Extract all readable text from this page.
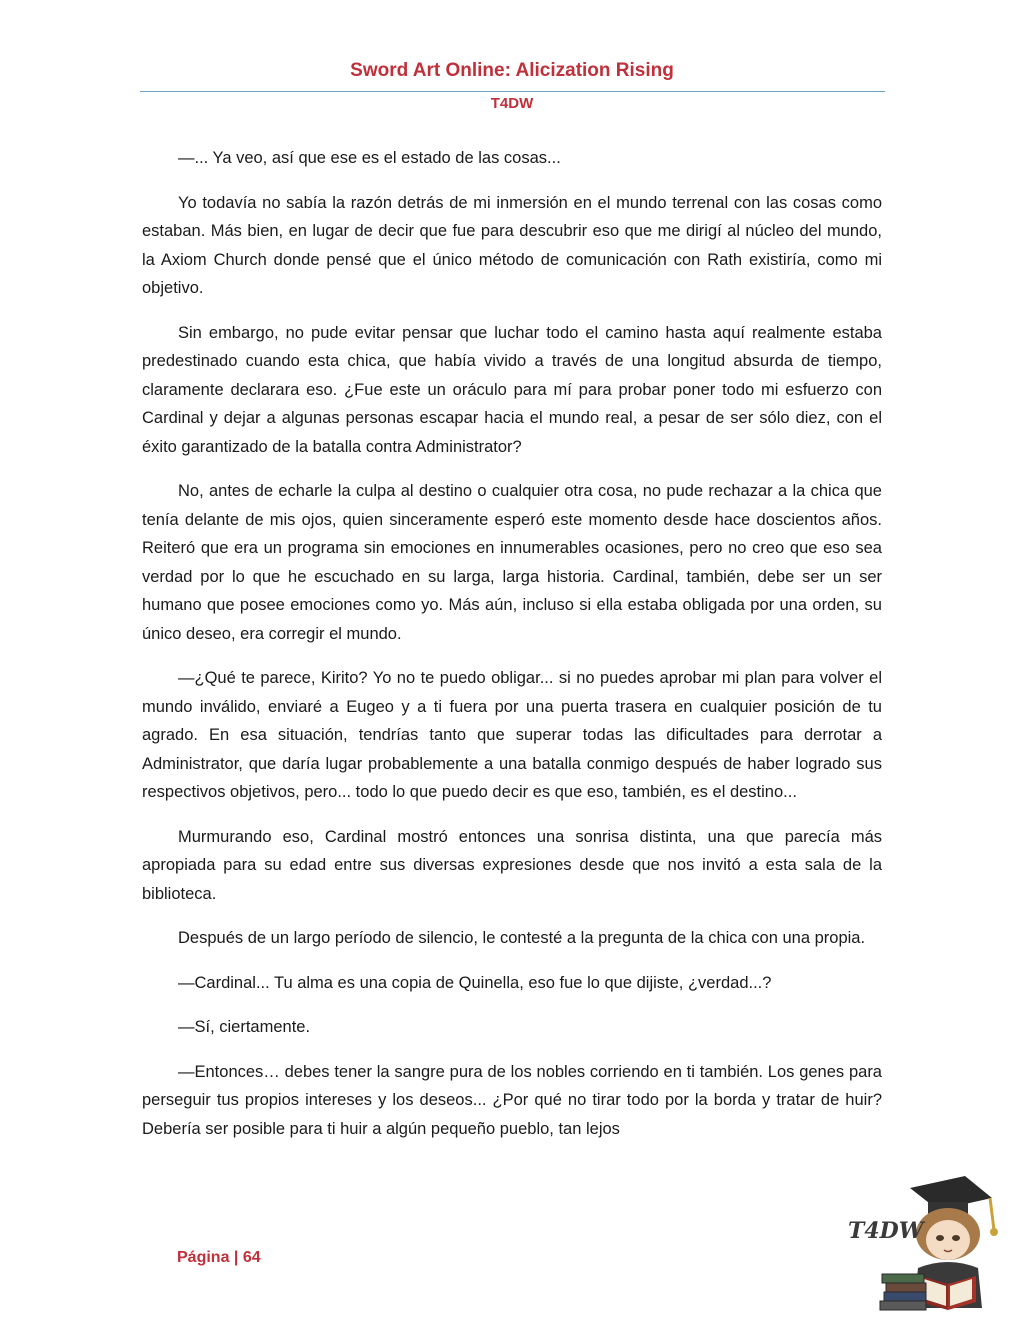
Sword Art Online: Alicization Rising
T4DW

—... Ya veo, así que ese es el estado de las cosas...

Yo todavía no sabía la razón detrás de mi inmersión en el mundo terrenal con las cosas como estaban. Más bien, en lugar de decir que fue para descubrir eso que me dirigí al núcleo del mundo, la Axiom Church donde pensé que el único método de comunicación con Rath existiría, como mi objetivo.

Sin embargo, no pude evitar pensar que luchar todo el camino hasta aquí realmente estaba predestinado cuando esta chica, que había vivido a través de una longitud absurda de tiempo, claramente declarara eso. ¿Fue este un oráculo para mí para probar poner todo mi esfuerzo con Cardinal y dejar a algunas personas escapar hacia el mundo real, a pesar de ser sólo diez, con el éxito garantizado de la batalla contra Administrator?

No, antes de echarle la culpa al destino o cualquier otra cosa, no pude rechazar a la chica que tenía delante de mis ojos, quien sinceramente esperó este momento desde hace doscientos años. Reiteró que era un programa sin emociones en innumerables ocasiones, pero no creo que eso sea verdad por lo que he escuchado en su larga, larga historia. Cardinal, también, debe ser un ser humano que posee emociones como yo. Más aún, incluso si ella estaba obligada por una orden, su único deseo, era corregir el mundo.

—¿Qué te parece, Kirito? Yo no te puedo obligar... si no puedes aprobar mi plan para volver el mundo inválido, enviaré a Eugeo y a ti fuera por una puerta trasera en cualquier posición de tu agrado. En esa situación, tendrías tanto que superar todas las dificultades para derrotar a Administrator, que daría lugar probablemente a una batalla conmigo después de haber logrado sus respectivos objetivos, pero... todo lo que puedo decir es que eso, también, es el destino...

Murmurando eso, Cardinal mostró entonces una sonrisa distinta, una que parecía más apropiada para su edad entre sus diversas expresiones desde que nos invitó a esta sala de la biblioteca.

Después de un largo período de silencio, le contesté a la pregunta de la chica con una propia.

—Cardinal... Tu alma es una copia de Quinella, eso fue lo que dijiste, ¿verdad...?

—Sí, ciertamente.

—Entonces… debes tener la sangre pura de los nobles corriendo en ti también. Los genes para perseguir tus propios intereses y los deseos... ¿Por qué no tirar todo por la borda y tratar de huir? Debería ser posible para ti huir a algún pequeño pueblo, tan lejos

Página | 64
T4DW
